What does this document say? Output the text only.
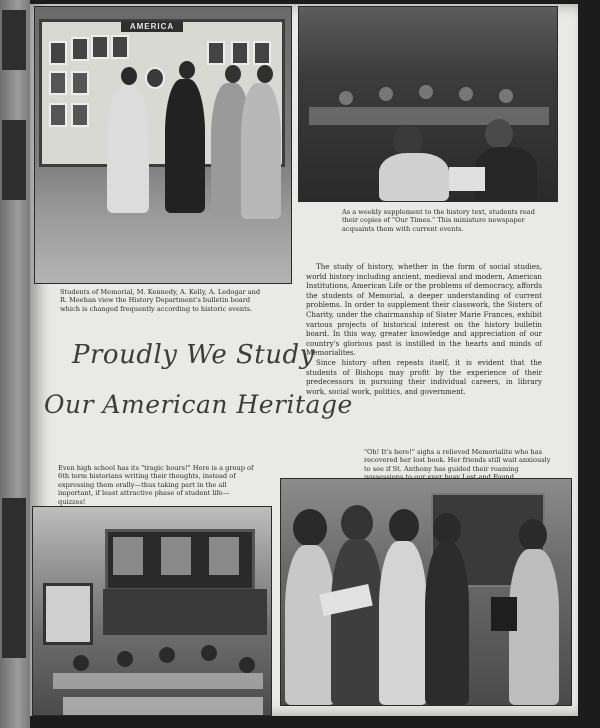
AMERICA

As a weekly supplement to the history text, students read their copies of "Our Times." This miniature newspaper acquaints them with current events.

Students of Memorial, M. Kennedy, A. Kelly, A. Ledogar and R. Meehan view the History Department's bulletin board which is changed frequently according to historic events.

The study of history, whether in the form of social studies, world history including ancient, medieval and modern, American Institutions, American Life or the problems of democracy, affords the students of Memorial, a deeper understanding of current problems. In order to supplement their classwork, the Sisters of Charity, under the chairmanship of Sister Marie Frances, exhibit various projects of historical interest on the history bulletin board. In this way, greater knowledge and appreciation of our country's glorious past is instilled in the hearts and minds of Memorialites.

Since history often repeats itself, it is evident that the students of Bishops may profit by the experience of their predecessors in pursuing their individual careers, in library work, social work, politics, and government.

Proudly We Study

Our American Heritage

Even high school has its "tragic hours!" Here is a group of 6th term historians writing their thoughts, instead of expressing them orally—thus taking part in the all important, if least attractive phase of student life—quizzes!

"Oh! It's here!" sighs a relieved Memorialite who has recovered her lost book. Her friends still wait anxiously to see if St. Anthony has guided their roaming
